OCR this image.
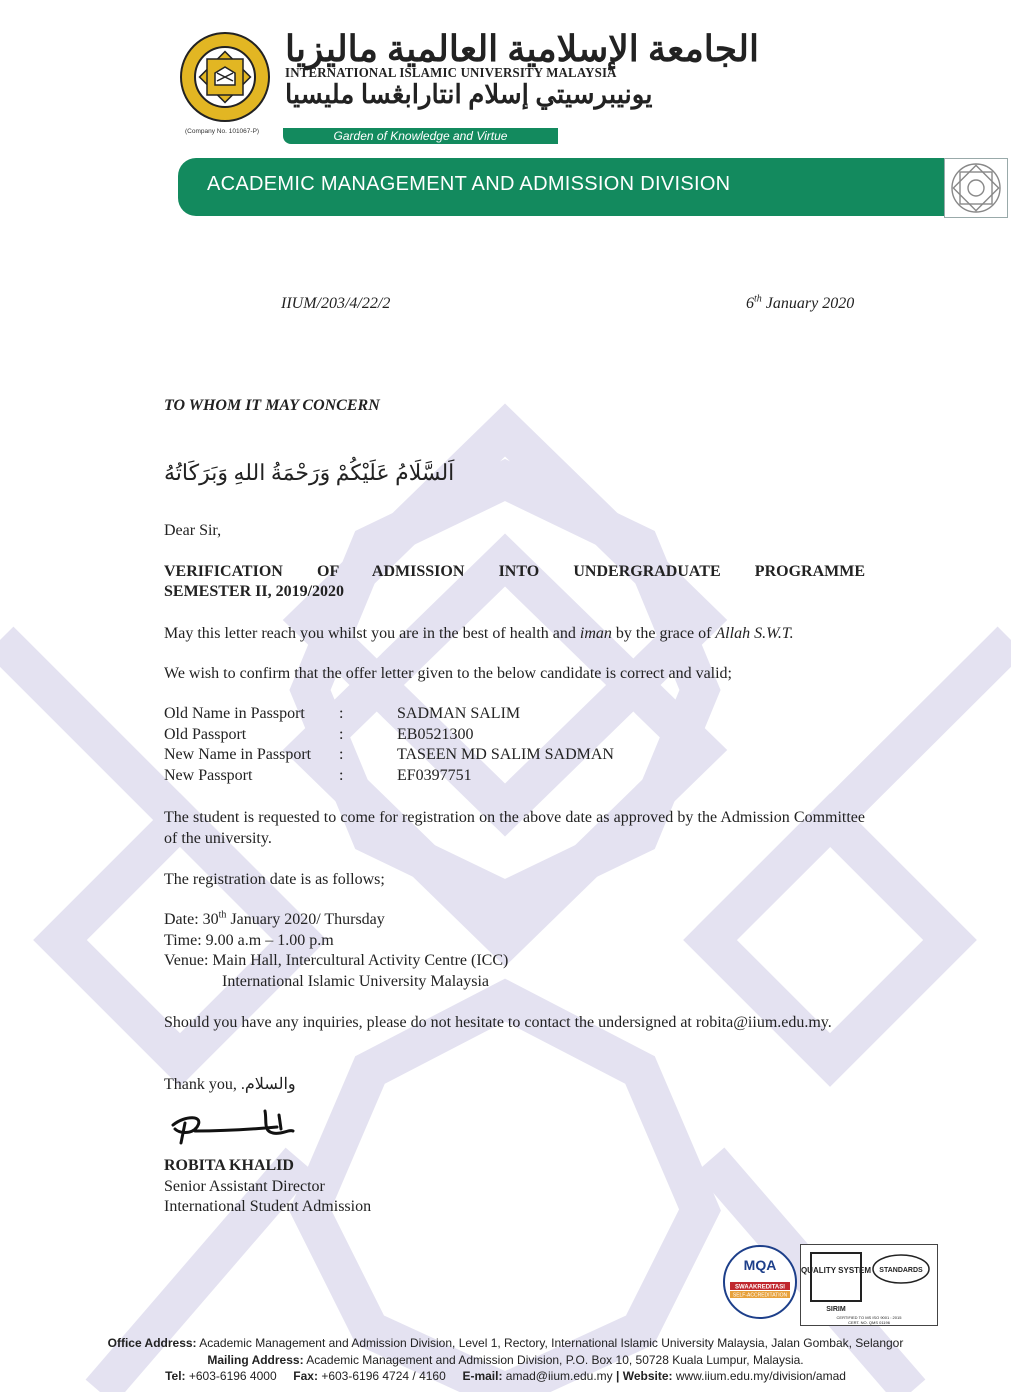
الجامعة الإسلامية العالمية ماليزيا
INTERNATIONAL ISLAMIC UNIVERSITY MALAYSIA
يونيبرسيتي إسلام انتارابڠسا مليسيا
(Company No. 101067-P)	Garden of Knowledge and Virtue
ACADEMIC MANAGEMENT AND ADMISSION DIVISION
IIUM/203/4/22/2	6th January 2020
TO WHOM IT MAY CONCERN
اَلسَّلَامُ عَلَيْكُمْ وَرَحْمَةُ اللهِ وَبَرَكَاتُهُ
Dear Sir,
VERIFICATION OF ADMISSION INTO UNDERGRADUATE PROGRAMME
SEMESTER II, 2019/2020
May this letter reach you whilst you are in the best of health and iman by the grace of Allah S.W.T.
We wish to confirm that the offer letter given to the below candidate is correct and valid;
Old Name in Passport :	SADMAN SALIM
Old Passport	:	EB0521300
New Name in Passport :	TASEEN MD SALIM SADMAN
New Passport	:	EF0397751
The student is requested to come for registration on the above date as approved by the Admission Committee of the university.
The registration date is as follows;
Date: 30th January 2020/ Thursday
Time: 9.00 a.m – 1.00 p.m
Venue: Main Hall, Intercultural Activity Centre (ICC)
International Islamic University Malaysia
Should you have any inquiries, please do not hesitate to contact the undersigned at robita@iium.edu.my.
Thank you, والسلام.
ROBITA KHALID
Senior Assistant Director
International Student Admission
MQA
SWAAKREDITASI
SELF-ACCREDITATION
QUALITY SYSTEM
SIRIM
STANDARDS
CERTIFIED TO MS ISO 9001 : 2015
CERT. NO. QMS 01196
Office Address: Academic Management and Admission Division, Level 1, Rectory, International Islamic University Malaysia, Jalan Gombak, Selangor
Mailing Address: Academic Management and Admission Division, P.O. Box 10, 50728 Kuala Lumpur, Malaysia.
Tel: +603-6196 4000 Fax: +603-6196 4724 / 4160 E-mail: amad@iium.edu.my | Website: www.iium.edu.my/division/amad
